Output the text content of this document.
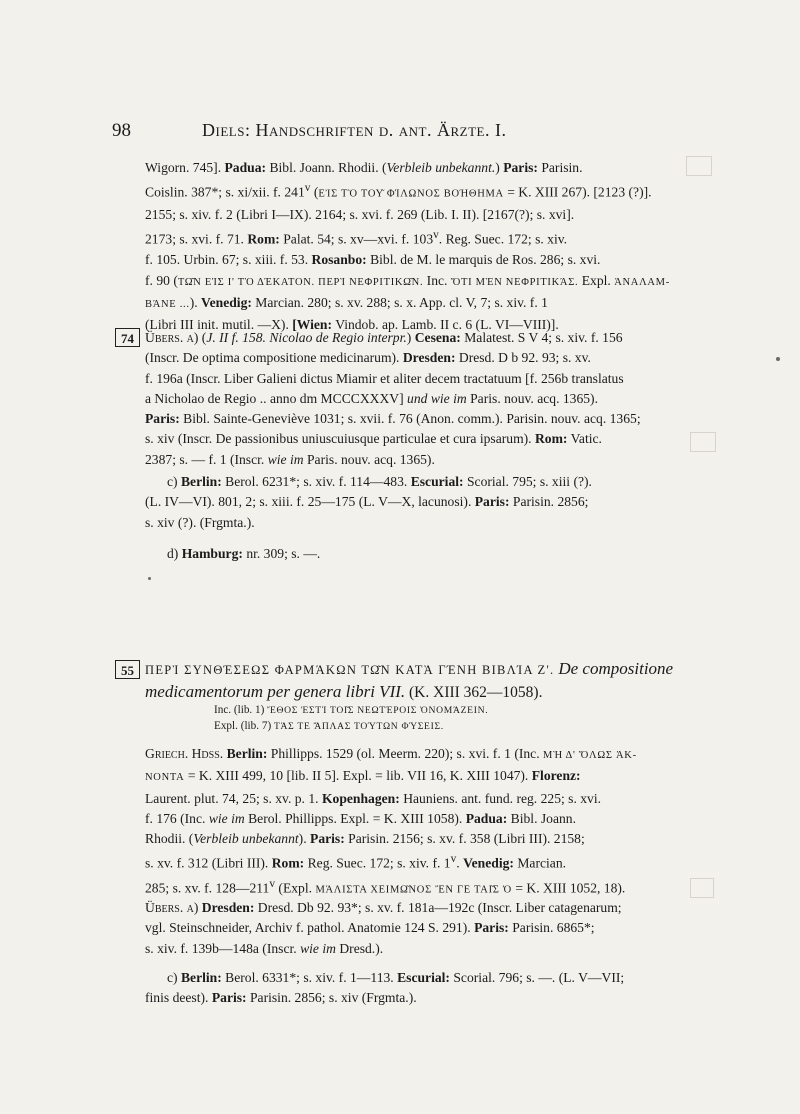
98	Diels: Handschriften d. ant. Ärzte. I.

Wigorn. 745]. Padua: Bibl. Joann. Rhodii. (Verbleib unbekannt.) Paris: Parisin.
Coislin. 387*; s. xi/xii. f. 241$^v$ (ΕἸΣ ΤῸ ΤΟΥ͂ ΦΊΛΩΝΟΣ ΒΟΉΘΗΜΑ = K. XIII 267). [2123 (?)].
2155; s. xiv. f. 2 (Libri I—IX). 2164; s. xvi. f. 269 (Lib. I. II). [2167(?); s. xvi].
2173; s. xvi. f. 71. Rom: Palat. 54; s. xv—xvi. f. 103$^v$. Reg. Suec. 172; s. xiv.
f. 105. Urbin. 67; s. xiii. f. 53. Rosanbo: Bibl. de M. le marquis de Ros. 286; s. xvi.
f. 90 (ΤΩ͂Ν ΕἸΣ Ι' ΤῸ ΔΈΚΑΤΟΝ. ΠΕΡῚ ΝΕΦΡΙΤΙΚΩ͂Ν. Inc. ὍΤΙ ΜῈΝ ΝΕΦΡΙΤΙΚΆΣ. Expl. ἈΝΑΛΑΜ-
ΒΆΝΕ ...). Venedig: Marcian. 280; s. xv. 288; s. x. App. cl. V, 7; s. xiv. f. 1
(Libri III init. mutil. —X). [Wien: Vindob. ap. Lamb. II c. 6 (L. VI—VIII)].

74 Übers. a) (J. II f. 158. Nicolao de Regio interpr.) Cesena: Malatest. S V 4; s. xiv. f. 156
(Inscr. De optima compositione medicinarum). Dresden: Dresd. D b 92. 93; s. xv.
f. 196a (Inscr. Liber Galieni dictus Miamir et aliter decem tractatuum [f. 256b translatus
a Nicholao de Regio .. anno dm MCCCXXXV] und wie im Paris. nouv. acq. 1365).
Paris: Bibl. Sainte-Geneviève 1031; s. xvii. f. 76 (Anon. comm.). Parisin. nouv. acq. 1365;
s. xiv (Inscr. De passionibus uniuscuiusque particulae et cura ipsarum). Rom: Vatic.
2387; s. — f. 1 (Inscr. wie im Paris. nouv. acq. 1365).

c) Berlin: Berol. 6231*; s. xiv. f. 114—483. Escurial: Scorial. 795; s. xiii (?).
(L. IV—VI). 801, 2; s. xiii. f. 25—175 (L. V—X, lacunosi). Paris: Parisin. 2856;
s. xiv (?). (Frgmta.).

d) Hamburg: nr. 309; s. —.

55 ΠΕΡῚ ΣΥΝΘΈΣΕΩΣ ΦΑΡΜΆΚΩΝ ΤΩ͂Ν ΚΑΤᾺ ΓΈΝΗ ΒΙΒΛΊΑ Ζ'. De compositione
medicamentorum per genera libri VII. (K. XIII 362—1058).
Inc. (lib. 1) ἜΘΟΣ ἘΣΤῚ ΤΟΙ͂Σ ΝΕΩΤΈΡΟΙΣ ὈΝΟΜΆΖΕΙΝ.
Expl. (lib. 7) ΤΆΣ ΤΕ ἌΠΛΑΣ ΤΟΎΤΩΝ ΦΎΣΕΙΣ.

Griech. Hdss. Berlin: Phillipps. 1529 (ol. Meerm. 220); s. xvi. f. 1 (Inc. ΜῊ Δ' ὍΛΩΣ ἈΚ-
ΝΟΝΤΑ = K. XIII 499, 10 [lib. II 5]. Expl. = lib. VII 16, K. XIII 1047). Florenz:
Laurent. plut. 74, 25; s. xv. p. 1. Kopenhagen: Hauniens. ant. fund. reg. 225; s. xvi.
f. 176 (Inc. wie im Berol. Phillipps. Expl. = K. XIII 1058). Padua: Bibl. Joann.
Rhodii. (Verbleib unbekannt). Paris: Parisin. 2156; s. xv. f. 358 (Libri III). 2158;
s. xv. f. 312 (Libri III). Rom: Reg. Suec. 172; s. xiv. f. 1$^v$. Venedig: Marcian.
285; s. xv. f. 128—211$^v$ (Expl. ΜΆΛΙΣΤΑ ΧΕΙΜΩ͂ΝΟΣ ἜΝ ΓΕ ΤΑΙ͂Σ Ὁ = K. XIII 1052, 18).

Übers. a) Dresden: Dresd. Db 92. 93*; s. xv. f. 181a—192c (Inscr. Liber catagenarum;
vgl. Steinschneider, Archiv f. pathol. Anatomie 124 S. 291). Paris: Parisin. 6865*;
s. xiv. f. 139b—148a (Inscr. wie im Dresd.).

c) Berlin: Berol. 6331*; s. xiv. f. 1—113. Escurial: Scorial. 796; s. —. (L. V—VII;
finis deest). Paris: Parisin. 2856; s. xiv (Frgmta.).
